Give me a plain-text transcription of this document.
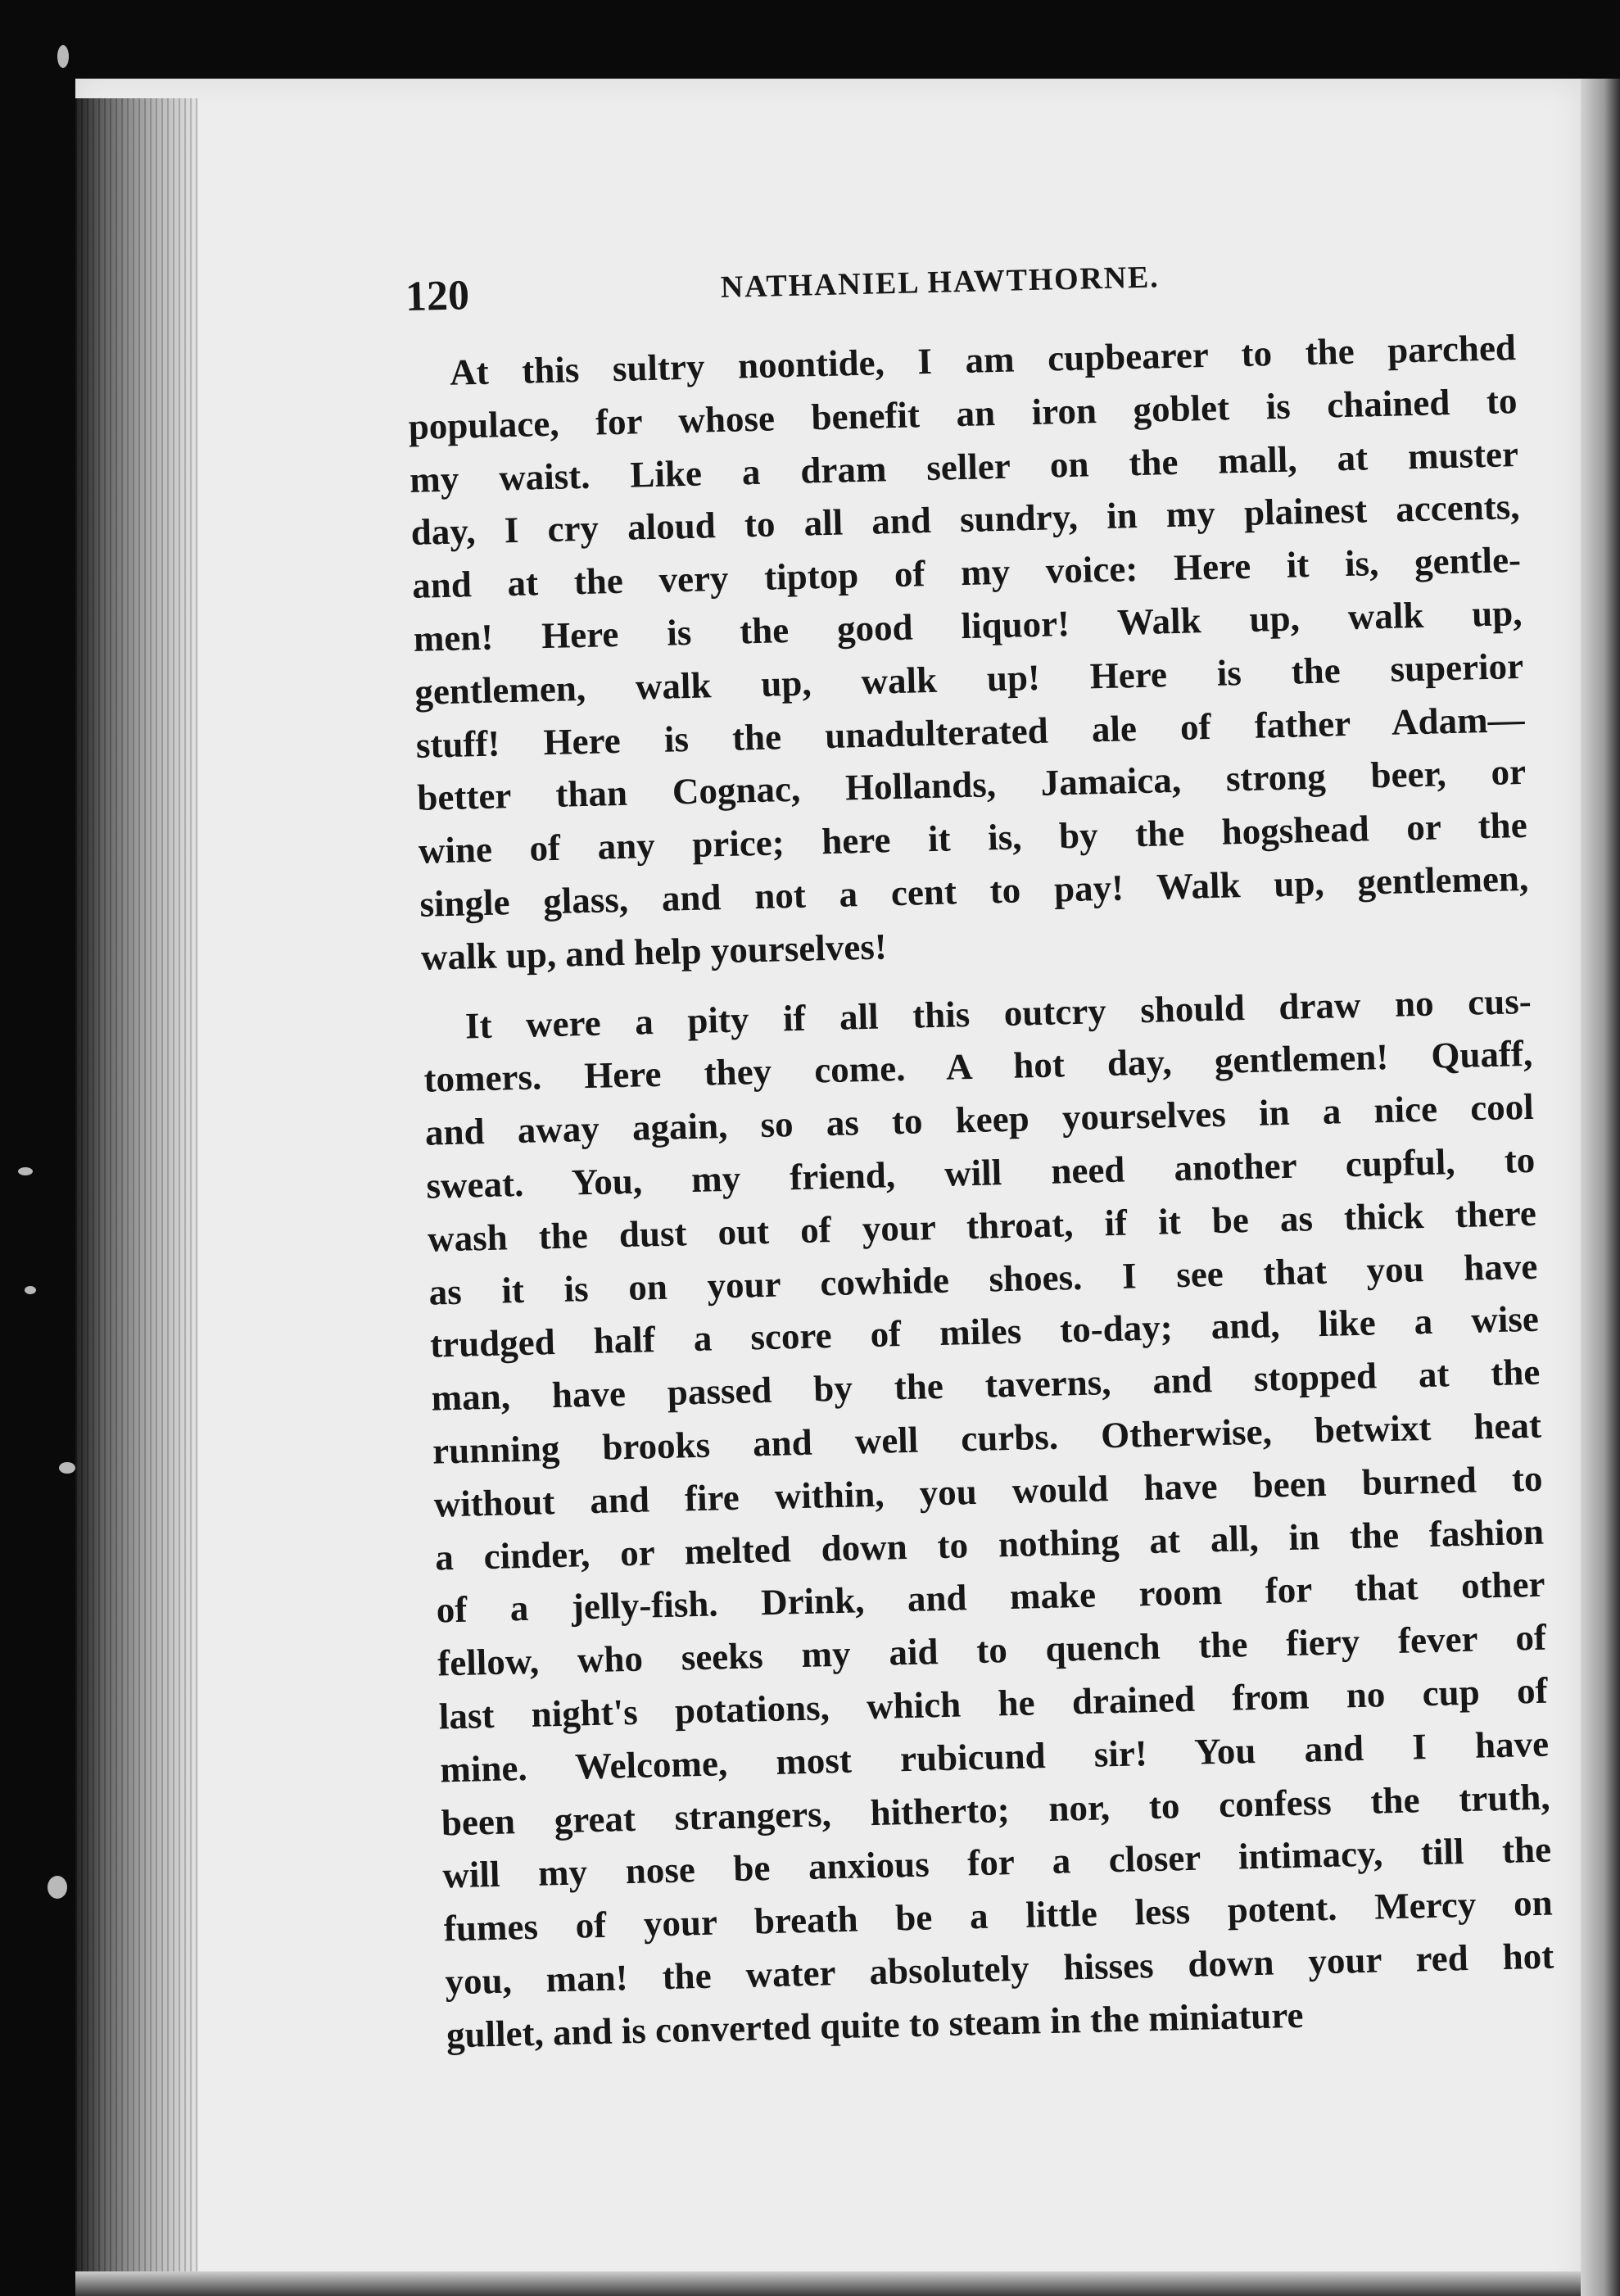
120	NATHANIEL HAWTHORNE.
At this sultry noontide, I am cupbearer to the parched
populace, for whose benefit an iron goblet is chained to
my waist. Like a dram seller on the mall, at muster
day, I cry aloud to all and sundry, in my plainest accents,
and at the very tiptop of my voice: Here it is, gentle-
men! Here is the good liquor! Walk up, walk up,
gentlemen, walk up, walk up! Here is the superior
stuff! Here is the unadulterated ale of father Adam—
better than Cognac, Hollands, Jamaica, strong beer, or
wine of any price; here it is, by the hogshead or the
single glass, and not a cent to pay! Walk up, gentlemen,
walk up, and help yourselves!
It were a pity if all this outcry should draw no cus-
tomers. Here they come. A hot day, gentlemen! Quaff,
and away again, so as to keep yourselves in a nice cool
sweat. You, my friend, will need another cupful, to
wash the dust out of your throat, if it be as thick there
as it is on your cowhide shoes. I see that you have
trudged half a score of miles to-day; and, like a wise
man, have passed by the taverns, and stopped at the
running brooks and well curbs. Otherwise, betwixt heat
without and fire within, you would have been burned to
a cinder, or melted down to nothing at all, in the fashion
of a jelly-fish. Drink, and make room for that other
fellow, who seeks my aid to quench the fiery fever of
last night's potations, which he drained from no cup of
mine. Welcome, most rubicund sir! You and I have
been great strangers, hitherto; nor, to confess the truth,
will my nose be anxious for a closer intimacy, till the
fumes of your breath be a little less potent. Mercy on
you, man! the water absolutely hisses down your red hot
gullet, and is converted quite to steam in the miniature
